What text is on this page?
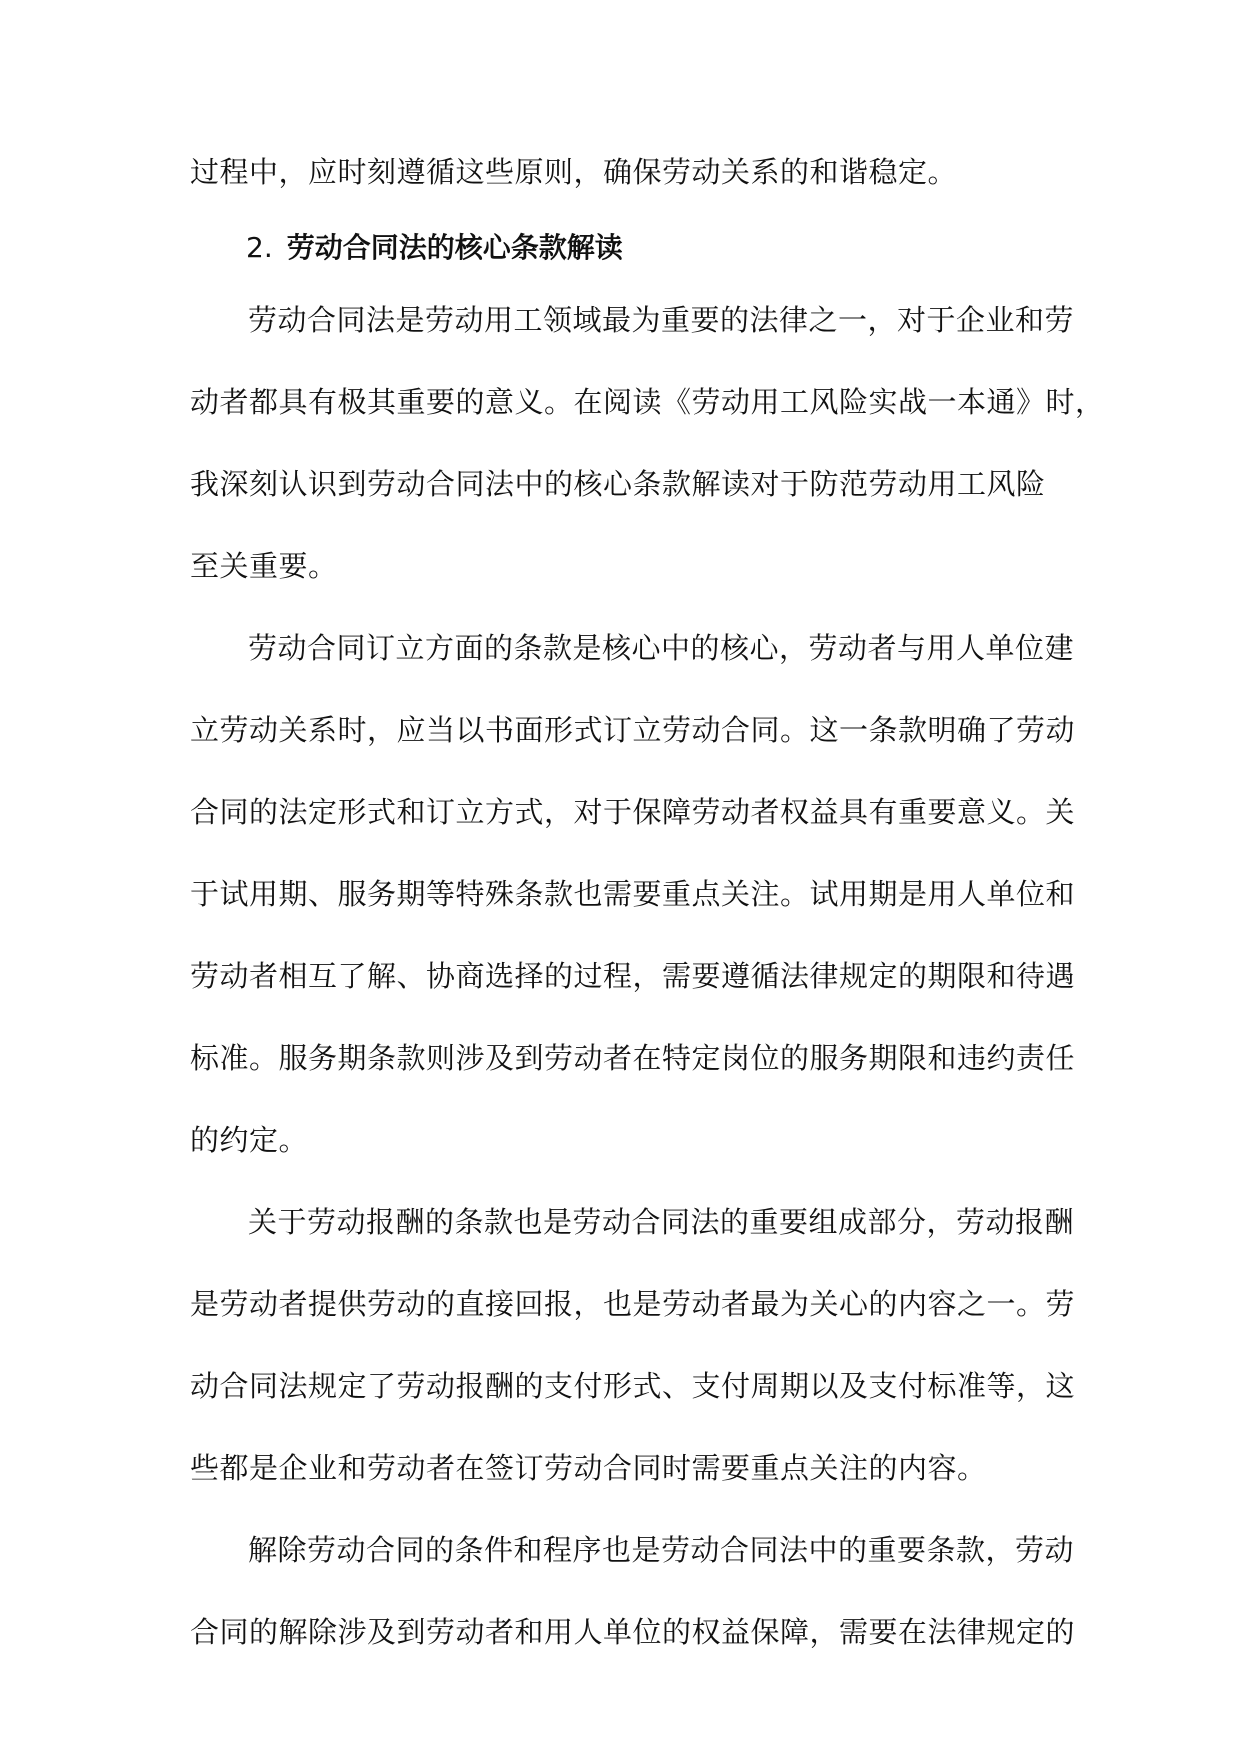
过程中，应时刻遵循这些原则，确保劳动关系的和谐稳定。
2. 劳动合同法的核心条款解读
劳动合同法是劳动用工领域最为重要的法律之一，对于企业和劳
动者都具有极其重要的意义。在阅读《劳动用工风险实战一本通》时，
我深刻认识到劳动合同法中的核心条款解读对于防范劳动用工风险
至关重要。
劳动合同订立方面的条款是核心中的核心，劳动者与用人单位建
立劳动关系时，应当以书面形式订立劳动合同。这一条款明确了劳动
合同的法定形式和订立方式，对于保障劳动者权益具有重要意义。关
于试用期、服务期等特殊条款也需要重点关注。试用期是用人单位和
劳动者相互了解、协商选择的过程，需要遵循法律规定的期限和待遇
标准。服务期条款则涉及到劳动者在特定岗位的服务期限和违约责任
的约定。
关于劳动报酬的条款也是劳动合同法的重要组成部分，劳动报酬
是劳动者提供劳动的直接回报，也是劳动者最为关心的内容之一。劳
动合同法规定了劳动报酬的支付形式、支付周期以及支付标准等，这
些都是企业和劳动者在签订劳动合同时需要重点关注的内容。
解除劳动合同的条件和程序也是劳动合同法中的重要条款，劳动
合同的解除涉及到劳动者和用人单位的权益保障，需要在法律规定的
